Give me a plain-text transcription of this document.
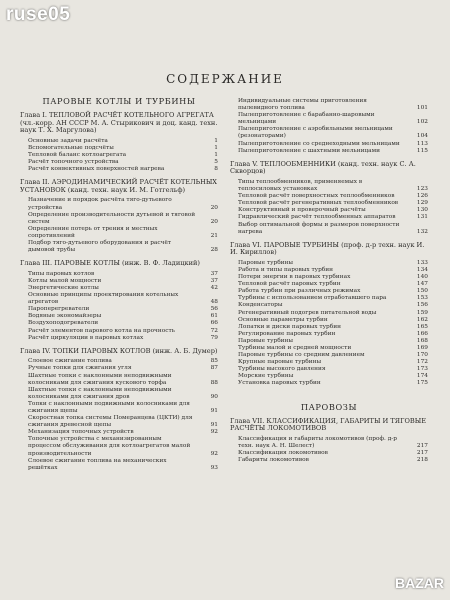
ruse05
СОДЕРЖАНИЕ
ПАРОВЫЕ КОТЛЫ И ТУРБИНЫ
Глава I. ТЕПЛОВОЙ РАСЧЁТ КОТЕЛЬНОГО АГРЕГАТА (чл.-корр. АН СССР М. А. Стырикович и доц. канд. техн. наук Т. Х. Маргулова)
Основные задачи расчёта	1
Вспомогательные подсчёты	1
Тепловой баланс котлоагрегата	1
Расчёт топочного устройства	5
Расчёт конвективных поверхностей нагрева	8
Глава II. АЭРОДИНАМИЧЕСКИЙ РАСЧЁТ КОТЕЛЬНЫХ УСТАНОВОК (канд. техн. наук И. М. Готгельф)
Назначение и порядок расчёта тяго-дутьевого устройства	20
Определение производительности дутьевой и тяговой систем	20
Определение потерь от трения и местных сопротивлений	21
Подбор тяго-дутьевого оборудования и расчёт дымовой трубы	28
Глава III. ПАРОВЫЕ КОТЛЫ (инж. В. Ф. Ладицкий)
Типы паровых котлов	37
Котлы малой мощности	37
Энергетические котлы	42
Основные принципы проектирования котельных агрегатов	48
Пароперегреватели	56
Водяные экономайзеры	61
Воздухоподогреватели	66
Расчёт элементов парового котла на прочность	72
Расчёт циркуляции в паровых котлах	79
Глава IV. ТОПКИ ПАРОВЫХ КОТЛОВ (инж. А. Б. Думер)
Слоевое сжигание топлива	85
Ручные топки для сжигания угля	87
Шахтные топки с наклонными неподвижными колосниками для сжигания кускового торфа	88
Шахтные топки с наклонными неподвижными колосниками для сжигания дров	90
Топки с наклонными подвижными колосниками для сжигания щепы	91
Скоростная топка системы Померанцева (ЦКТИ) для сжигания древесной щепы	91
Механизация топочных устройств	92
Топочные устройства с механизированным процессом обслуживания для котлоагрегатов малой производительности	92
Слоевое сжигание топлива на механических решётках	93
Индивидуальные системы приготовления пылевидного топлива	101
Пылеприготовление с барабанно-шаровыми мельницами	102
Пылеприготовление с аэробильными мельницами (резонаторами)	104
Пылеприготовление со среднеходными мельницами	113
Пылеприготовление с шахтными мельницами	115
Глава V. ТЕПЛООБМЕННИКИ (канд. техн. наук С. А. Скворцов)
Типы теплообменников, применяемых в теплосиловых установках	123
Тепловой расчёт поверхностных теплообменников	126
Тепловой расчёт регенеративных теплообменников	129
Конструктивный и проверочный расчёты	130
Гидравлический расчёт теплообменных аппаратов	131
Выбор оптимальной формы и размеров поверхности нагрева	132
Глава VI. ПАРОВЫЕ ТУРБИНЫ (проф. д-р техн. наук И. И. Кириллов)
Паровые турбины	133
Работа и типы паровых турбин	134
Потери энергии в паровых турбинах	140
Тепловой расчёт паровых турбин	147
Работа турбин при различных режимах	150
Турбины с использованием отработавшего пара	153
Конденсаторы	156
Регенеративный подогрев питательной воды	159
Основные параметры турбин	162
Лопатки и диски паровых турбин	165
Регулирование паровых турбин	166
Паровые турбины	168
Турбины малой и средней мощности	169
Паровые турбины со средним давлением	170
Крупные паровые турбины	172
Турбины высокого давления	173
Морские турбины	174
Установка паровых турбин	175
ПАРОВОЗЫ
Глава VII. КЛАССИФИКАЦИЯ, ГАБАРИТЫ И ТЯГОВЫЕ РАСЧЁТЫ ЛОКОМОТИВОВ
Классификация и габариты локомотивов (проф. д-р техн. наук А. Н. Шелест)	217
Классификация локомотивов	217
Габариты локомотивов	218
BAZAR
